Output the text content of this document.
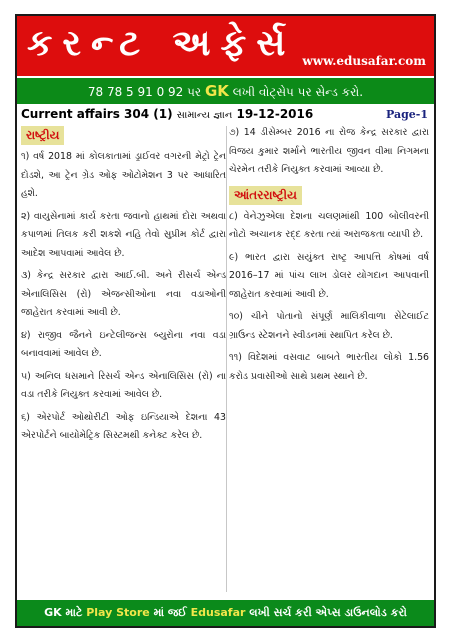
કરન્ટ અફેર્સ www.edusafar.com
78 78 5 91 0 92 પર GK લખી વોટ્સેપ પર સેન્ડ કરો.
Current affairs 304 (1) સામાન્ય જ્ઞાન 19-12-2016	Page-1
રાષ્ટ્રીય

૧) વર્ષ 2018 માં કોલકાતામાં ડ્રાઈવર વગરની મેટ્રો ટ્રેન દોડશે, આ ટ્રેન ગ્રેડ ઓફ ઓટોમેશન 3 પર આધારિત હશે.

૨) વાયુસેનામાં કાર્ય કરતા જવાનો હાથમાં દોરા અથવા કપાળમાં તિલક કરી શકશે નહિ તેવો સુપ્રીમ કોર્ટ દ્વારા આદેશ આપવામાં આવેલ છે.

૩) કેન્દ્ર સરકાર દ્વારા આઈ.બી. અને રીસર્ચ એન્ડ એનાલિસિસ (રો) એજન્સીઓના નવા વડાઓની જાહેરાત કરવામાં આવી છે.

૪) રાજીવ જૈનને ઇન્ટેલીજન્સ બ્યુરોના નવા વડા બનાવવામાં આવેલ છે.

૫) અનિલ ધસમાને રિસર્ચ એન્ડ એનાલિસિસ (રો) ના વડા તરીકે નિયુક્ત કરવામાં આવેલ છે.

૬) એરપોર્ટ ઓથોરીટી ઓફ ઇન્ડિયાએ દેશના 43 એરપોર્ટને બાયોમેટ્રિક સિસ્ટમથી કનેક્ટ કરેલ છે.

૭) 14 ડીસેમ્બર 2016 ના રોજ કેન્દ્ર સરકાર દ્વારા વિજય કુમાર શર્માને ભારતીય જીવન વીમા નિગમના ચેરમેન તરીકે નિયુક્ત કરવામાં આવ્યા છે.

આંતરરાષ્ટ્રીય

૮) વેનેઝુએલા દેશના ચલણમાંથી 100 બોલીવરની નોટો અચાનક રદ્દ કરતા ત્યાં અરાજકતા વ્યાપી છે.

૯) ભારત દ્વારા સયુંક્ત રાષ્ટ્ર આપત્તિ કોષમાં વર્ષ 2016–17 માં પાંચ લાખ ડોલર યોગદાન આપવાની જાહેરાત કરવામાં આવી છે.

૧૦) ચીને પોતાનો સંપૂર્ણ માલિકીવાળા સેટેલાઈટ ગ્રાઉન્ડ સ્ટેશનને સ્વીડનમાં સ્થાપિત કરેલ છે.

૧૧) વિદેશમાં વસવાટ બાબતે ભારતીય લોકો 1.56 કરોડ પ્રવાસીઓ સાથે પ્રથમ સ્થાને છે.

GK માટે Play Store માં જઈ Edusafar લખી સર્ચ કરી એપ્સ ડાઉનલોડ કરો
